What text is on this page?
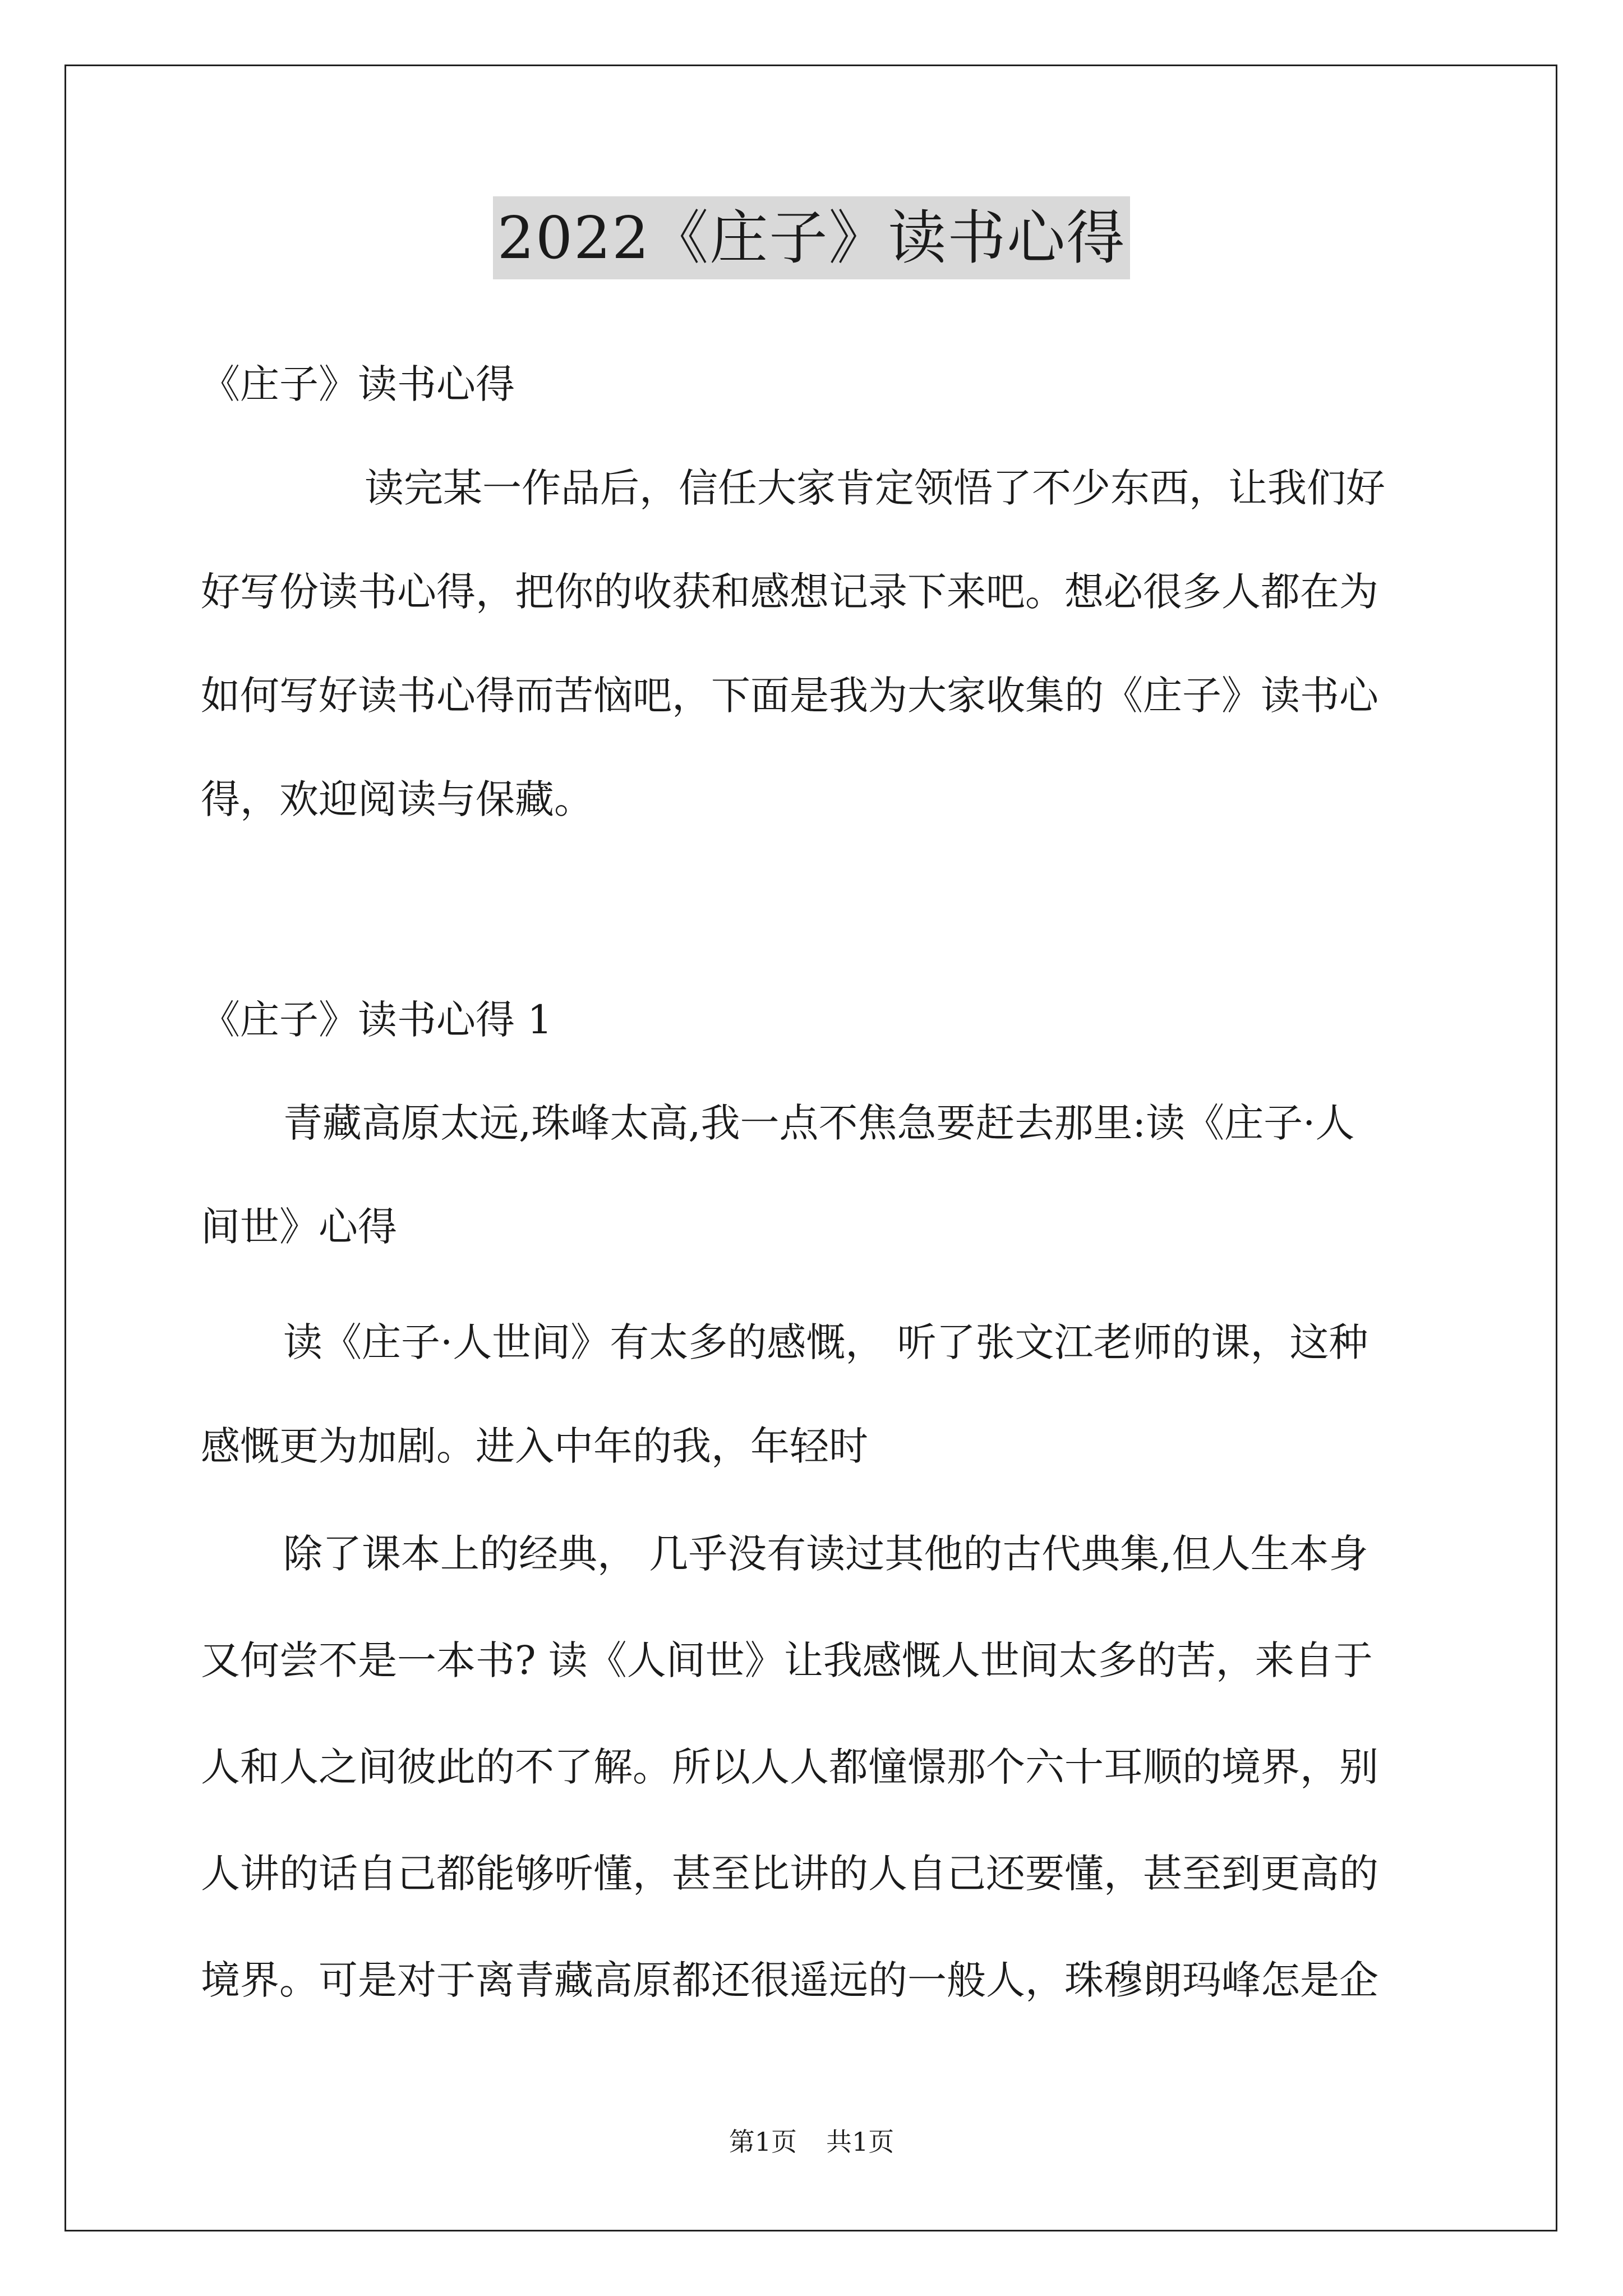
2022《庄子》读书心得
《庄子》读书心得
读完某一作品后，信任大家肯定领悟了不少东西，让我们好
好写份读书心得，把你的收获和感想记录下来吧。想必很多人都在为
如何写好读书心得而苦恼吧，下面是我为大家收集的《庄子》读书心
得，欢迎阅读与保藏。
《庄子》读书心得 1
青藏高原太远,珠峰太高,我一点不焦急要赶去那里:读《庄子·人
间世》心得
读《庄子·人世间》有太多的感慨， 听了张文江老师的课，这种
感慨更为加剧。进入中年的我，年轻时
除了课本上的经典， 几乎没有读过其他的古代典集,但人生本身
又何尝不是一本书? 读《人间世》让我感慨人世间太多的苦，来自于
人和人之间彼此的不了解。所以人人都憧憬那个六十耳顺的境界，别
人讲的话自己都能够听懂，甚至比讲的人自己还要懂，甚至到更高的
境界。可是对于离青藏高原都还很遥远的一般人，珠穆朗玛峰怎是企
第1页 共1页
